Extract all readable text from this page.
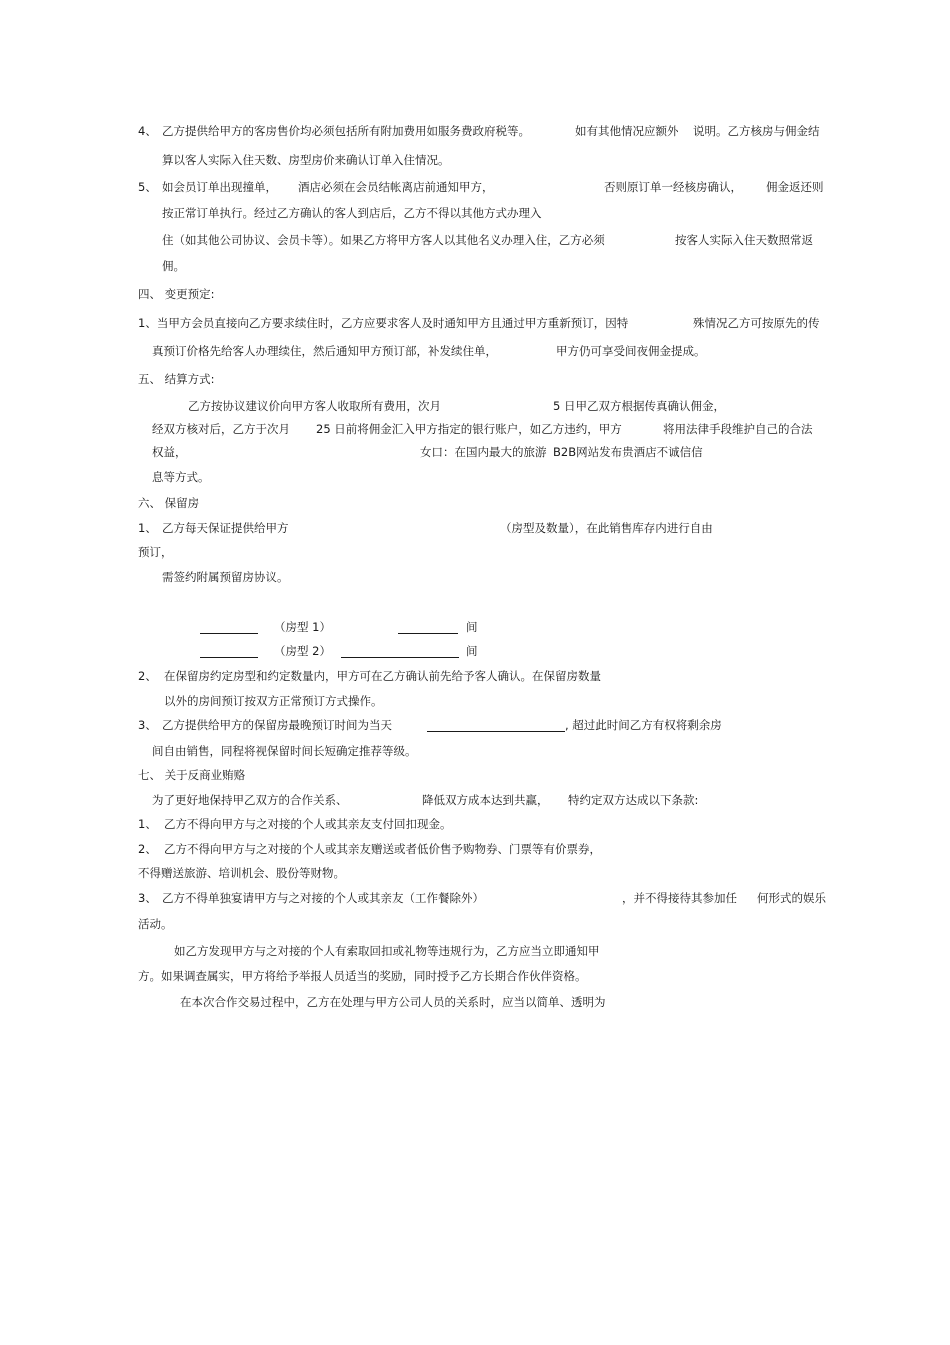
4、 乙方提供给甲方的客房售价均必须包括所有附加费用如服务费政府税等。	如有其他情况应额外 说明。乙方核房与佣金结
算以客人实际入住天数、房型房价来确认订单入住情况。
5、 如会员订单出现撞单， 酒店必须在会员结帐离店前通知甲方，	否则原订单一经核房确认， 佣金返还则
按正常订单执行。经过乙方确认的客人到店后，乙方不得以其他方式办理入
住（如其他公司协议、会员卡等）。如果乙方将甲方客人以其他名义办理入住，乙方必须	按客人实际入住天数照常返
佣。
四、 变更预定:
1、当甲方会员直接向乙方要求续住时，乙方应要求客人及时通知甲方且通过甲方重新预订，因特	殊情况乙方可按原先的传
真预订价格先给客人办理续住，然后通知甲方预订部，补发续住单，	甲方仍可享受间夜佣金提成。
五、 结算方式:
乙方按协议建议价向甲方客人收取所有费用，次月	5 日甲乙双方根据传真确认佣金，
经双方核对后，乙方于次月 25 日前将佣金汇入甲方指定的银行账户，如乙方违约，甲方	将用法律手段维护自己的合法
权益，	女口：在国内最大的旅游 B2B网站发布贵酒店不诚信信
息等方式。
六、 保留房
1、 乙方每天保证提供给甲方	（房型及数量），在此销售库存内进行自由
预订，
需签约附属预留房协议。
（房型 1）	间
（房型 2）	间
2、 在保留房约定房型和约定数量内，甲方可在乙方确认前先给予客人确认。在保留房数量
以外的房间预订按双方正常预订方式操作。
3、 乙方提供给甲方的保留房最晚预订时间为当天	, 超过此时间乙方有权将剩余房
间自由销售，同程将视保留时间长短确定推荐等级。
七、 关于反商业贿赂
为了更好地保持甲乙双方的合作关系、	降低双方成本达到共赢， 特约定双方达成以下条款:
1、 乙方不得向甲方与之对接的个人或其亲友支付回扣现金。
2、 乙方不得向甲方与之对接的个人或其亲友赠送或者低价售予购物券、门票等有价票券，
不得赠送旅游、培训机会、股份等财物。
3、 乙方不得单独宴请甲方与之对接的个人或其亲友（工作餐除外）	，并不得接待其参加任 何形式的娱乐
活动。
如乙方发现甲方与之对接的个人有索取回扣或礼物等违规行为，乙方应当立即通知甲
方。如果调查属实，甲方将给予举报人员适当的奖励，同时授予乙方长期合作伙伴资格。
在本次合作交易过程中，乙方在处理与甲方公司人员的关系时，应当以简单、透明为
